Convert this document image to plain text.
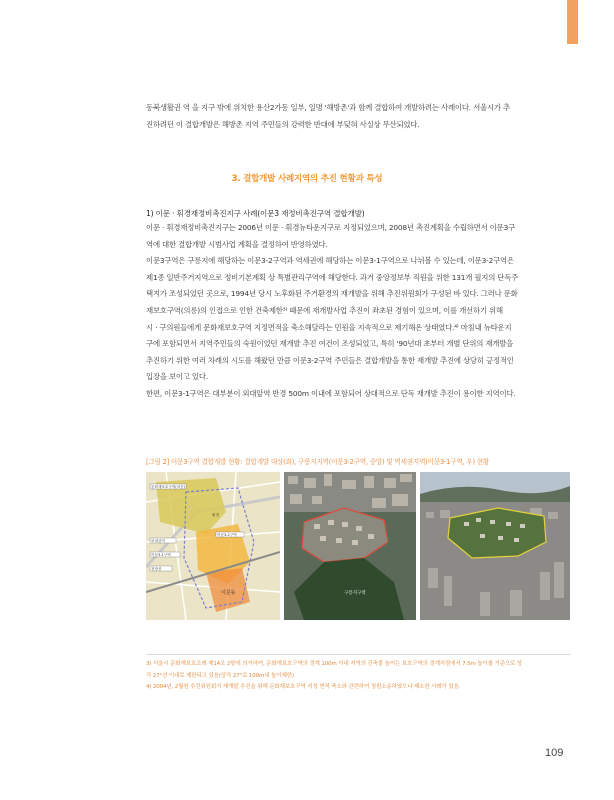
동북생활권 역 을 지구 밖에 위치한 용산2가동 일부, 일명 '해방촌'과 함께 결합하여 개발하려는 사례이다. 서울시가 추

진하려던 이 결합개발은 해방촌 지역 주민들의 강력한 반대에 부딪혀 사실상 무산되었다.

3. 결합개발 사례지역의 추진 현황과 특성
1) 이문 · 휘경재정비촉진지구 사례(이문3 재정비촉진구역 결합개발)

이문 · 휘경재정비촉진지구는 2006년 이문 · 휘경뉴타운지구로 지정되었으며, 2008년 촉진계획을 수립하면서 이문3구

역에 대한 결합개발 시범사업 계획을 결정하여 반영하였다.

이문3구역은 구릉지에 해당하는 이문3-2구역과 역세권에 해당하는 이문3-1구역으로 나뉘볼 수 있는데, 이문3-2구역은

제1종 일반주거지역으로 정비기본계획 상 특별관리구역에 해당한다. 과거 중앙정보부 직원을 위한 131개 필지의 단독주

택지가 조성되었던 곳으로, 1994년 당시 노후화된 주거환경의 재개발을 위해 추진위원회가 구성된 바 있다. 그러나 문화

재보호구역(의릉)의 인접으로 인한 건축제한³⁾ 때문에 재개발사업 추진이 좌초된 경험이 있으며, 이를 개선하기 위해

시 · 구의원들에게 문화재보호구역 지정면적을 축소해달라는 민원을 지속적으로 제기해온 상태였다.⁴⁾ 마침내 뉴타운지

구에 포함되면서 지역주민들의 숙원이었던 재개발 추진 여건이 조성되었고, 특히 '90년대 초부터 개별 단위의 재개발을

추진하기 위한 여러 차례의 시도를 해왔던 만큼 이문3-2구역 주민들은 결합개발을 통한 재개발 추진에 상당히 긍정적인

입장을 보이고 있다.

한편, 이문3-1구역은 대부분이 외대앞역 반경 500m 이내에 포함되어 상대적으로 단독 재개발 추진이 용이한 지역이다.

[그림 2] 이문3구역 결합개발 현황: 결합개발 대상(좌), 구릉지지역(이문3-2구역, 중앙) 및 역세권지역(이문3-1구역, 우) 현황
문화재보호구역(의릉)
이문3-2구역
외대앞역
이문3-1구역
천장산
휘경
이문동	구릉지구역

3) 서울시 문화재보호조례 제14조 2항에 의거하여, 문화재보호구역의 경계 100m 이내 지역의 건축물 높이는 보호구역의 경계지점에서 7.5m 높이를 기준으로 앙

각 27°선 이내로 제한되고 있음(앙각 27°로 100m내 높이제한)

4) 2004년, 2월원 추진위원회가 재개발 추진을 위해 문화재보호구역 지정 면적 축소와 관련하여 청원소송하였으나 패소한 사례가 있음.

109
